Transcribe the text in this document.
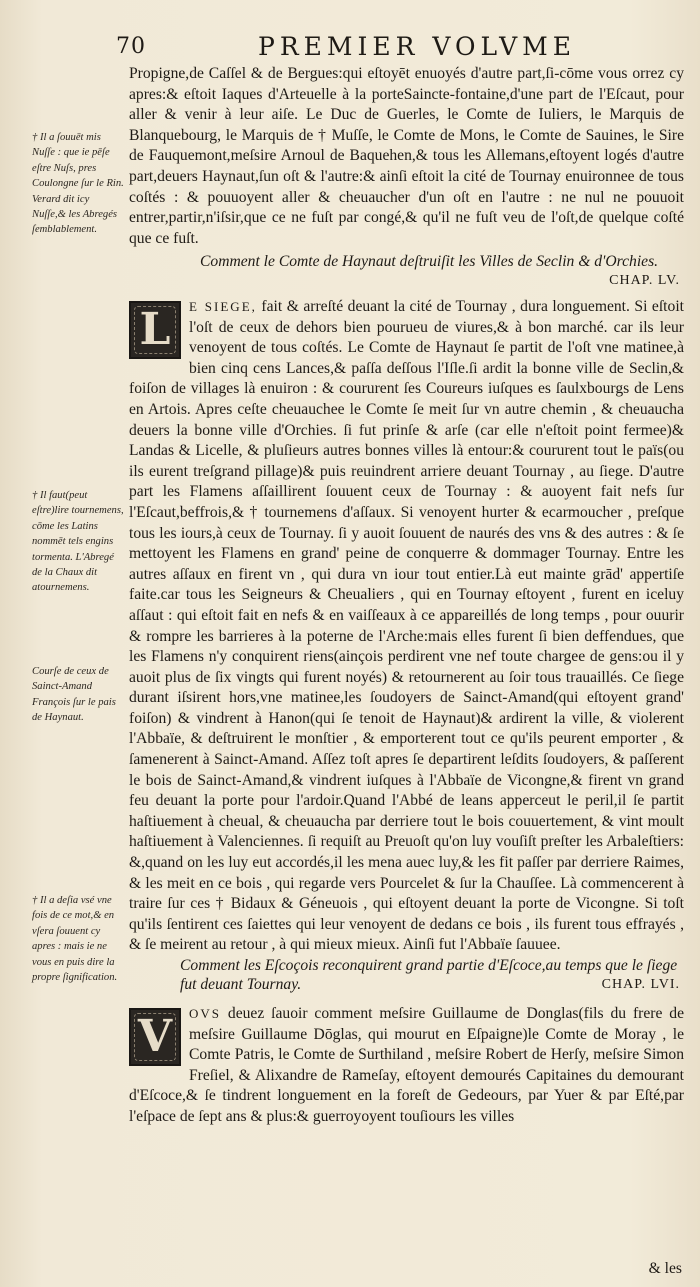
70	PREMIER VOLVME

Propigne,de Caſſel & de Bergues:qui eſtoyēt enuoyés d'autre part,ſi-cōme vous orrez cy apres:& eſtoit Iaques d'Arteuelle à la porteSaincte-fontaine,d'une part de l'Eſcaut, pour aller & venir à leur aiſe. Le Duc de Guerles, le Comte de Iuliers, le Marquis de Blanquebourg, le Marquis de † Muſſe, le Comte de Mons, le Comte de Sauines, le Sire de Fauquemont,meſsire Arnoul de Baquehen,& tous les Allemans,eſtoyent logés d'autre part,deuers Haynaut,ſun oſt & l'autre:& ainſi eſtoit la cité de Tournay enuironnee de tous coſtés : & pouuoyent aller & cheuaucher d'un oſt en l'autre : ne nul ne pouuoit entrer,partir,n'iſsir,que ce ne fuſt par congé,& qu'il ne fuſt veu de l'oſt,de quelque coſté que ce fuſt.

† Il a ſouuēt mis Nuſſe : que ie pēſe eſtre Nuſs, pres Coulongne ſur le Rin. Verard dit icy Nuſſe,& les Abregés ſemblablement.
† Il faut(peut eſtre)lire tournemens, cōme les Latins nommēt tels engins tormenta. L'Abregé de la Chaux dit atournemens.
Courſe de ceux de Sainct-Amand François ſur le pais de Haynaut.
† Il a deſia vsé vne fois de ce mot,& en vſera ſouuent cy apres : mais ie ne vous en puis dire la propre ſignification.
Comment le Comte de Haynaut deſtruiſit les Villes de Seclin & d'Orchies.
CHAP. LV.
L	E SIEGE, fait & arreſté deuant la cité de Tournay , dura longuement. Si eſtoit l'oſt de ceux de dehors bien pourueu de viures,& à bon marché. car ils leur venoyent de tous coſtés. Le Comte de Haynaut ſe partit de l'oſt vne matinee,à bien cinq cens Lances,& paſſa deſſous l'Iſle.ſi ardit la bonne ville de Seclin,& foiſon de villages là enuiron : & coururent ſes Coureurs iuſques es ſaulxbourgs de Lens en Artois. Apres ceſte cheuauchee le Comte ſe meit ſur vn autre chemin , & cheuaucha deuers la bonne ville d'Orchies. ſi fut prinſe & arſe (car elle n'eſtoit point fermee)& Landas & Licelle, & pluſieurs autres bonnes villes là entour:& coururent tout le païs(ou ils eurent treſgrand pillage)& puis reuindrent arriere deuant Tournay , au ſiege. D'autre part les Flamens aſſaillirent ſouuent ceux de Tournay : & auoyent fait nefs ſur l'Eſcaut,beffrois,& † tournemens d'aſſaux. Si venoyent hurter & ecarmoucher , preſque tous les iours,à ceux de Tournay. ſi y auoit ſouuent de naurés des vns & des autres : & ſe mettoyent les Flamens en grand' peine de conquerre & dommager Tournay. Entre les autres aſſaux en firent vn , qui dura vn iour tout entier.Là eut mainte grād' appertiſe faite.car tous les Seigneurs & Cheualiers , qui en Tournay eſtoyent , furent en iceluy aſſaut : qui eſtoit fait en nefs & en vaiſſeaux à ce appareillés de long temps , pour ouurir & rompre les barrieres à la poterne de l'Arche:mais elles furent ſi bien deffendues, que les Flamens n'y conquirent riens(ainçois perdirent vne nef toute chargee de gens:ou il y auoit plus de ſix vingts qui furent noyés) & retournerent au ſoir tous trauaillés. Ce ſiege durant iſsirent hors,vne matinee,les ſoudoyers de Sainct-Amand(qui eſtoyent grand' foiſon) & vindrent à Hanon(qui ſe tenoit de Haynaut)& ardirent la ville, & violerent l'Abbaïe, & deſtruirent le monſtier , & emporterent tout ce qu'ils peurent emporter , & ſamenerent à Sainct-Amand. Aſſez toſt apres ſe departirent leſdits ſoudoyers, & paſſerent le bois de Sainct-Amand,& vindrent iuſques à l'Abbaïe de Vicongne,& firent vn grand feu deuant la porte pour l'ardoir.Quand l'Abbé de leans apperceut le peril,il ſe partit haſtiuement à cheual, & cheuaucha par derriere tout le bois couuertement, & vint moult haſtiuement à Valenciennes. ſi requiſt au Preuoſt qu'on luy vouſiſt preſter les Arbaleſtiers: &,quand on les luy eut accordés,il les mena auec luy,& les fit paſſer par derriere Raimes, & les meit en ce bois , qui regarde vers Pourcelet & ſur la Chauſſee. Là commencerent à traire ſur ces † Bidaux & Géneuois , qui eſtoyent deuant la porte de Vicongne. Si toſt qu'ils ſentirent ces ſaiettes qui leur venoyent de dedans ce bois , ils furent tous effrayés , & ſe meirent au retour , à qui mieux mieux. Ainſi fut l'Abbaïe ſauuee.

Comment les Eſcoçois reconquirent grand partie d'Eſcoce,au temps que le ſiege fut deuant Tournay.	CHAP. LVI.
V	OVS deuez ſauoir comment meſsire Guillaume de Donglas(fils du frere de meſsire Guillaume Dōglas, qui mourut en Eſpaigne)le Comte de Moray , le Comte Patris, le Comte de Surthiland , meſsire Robert de Herſy, meſsire Simon Freſiel, & Alixandre de Rameſay, eſtoyent demourés Capitaines du demourant d'Eſcoce,& ſe tindrent longuement en la foreſt de Gedeours, par Yuer & par Eſté,par l'eſpace de ſept ans & plus:& guerroyoyent touſiours les villes

& les
